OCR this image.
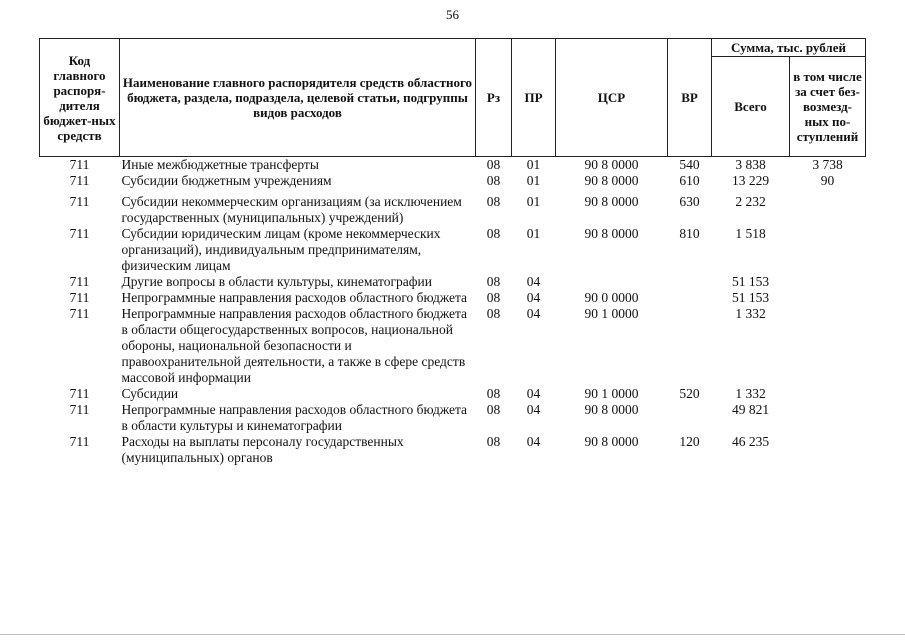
56
Код главного распоря-дителя бюджет-ных средств	Наименование главного распорядителя средств областного бюджета, раздела, подраздела, целевой статьи, подгруппы видов расходов	Рз	ПР	ЦСР	ВР	Сумма, тыс. рублей	
						Всего	в том числе за счет без-возмезд-ных по-ступлений
711	Иные межбюджетные трансферты	08	01	90 8 0000	540	3 838	3 738
711	Субсидии бюджетным учреждениям	08	01	90 8 0000	610	13 229	90
711	Субсидии некоммерческим организациям (за исключением государственных (муниципальных) учреждений)	08	01	90 8 0000	630	2 232	
711	Субсидии юридическим лицам (кроме некоммерческих организаций), индивидуальным предпринимателям, физическим лицам	08	01	90 8 0000	810	1 518	
711	Другие вопросы в области культуры, кинематографии	08	04			51 153	
711	Непрограммные направления расходов областного бюджета	08	04	90 0 0000		51 153	
711	Непрограммные направления расходов областного бюджета в области общегосударственных вопросов, национальной обороны, национальной безопасности и правоохранительной деятельности, а также в сфере средств массовой информации	08	04	90 1 0000		1 332	
711	Субсидии	08	04	90 1 0000	520	1 332	
711	Непрограммные направления расходов областного бюджета в области культуры и кинематографии	08	04	90 8 0000		49 821	
711	Расходы на выплаты персоналу государственных (муниципальных) органов	08	04	90 8 0000	120	46 235	
